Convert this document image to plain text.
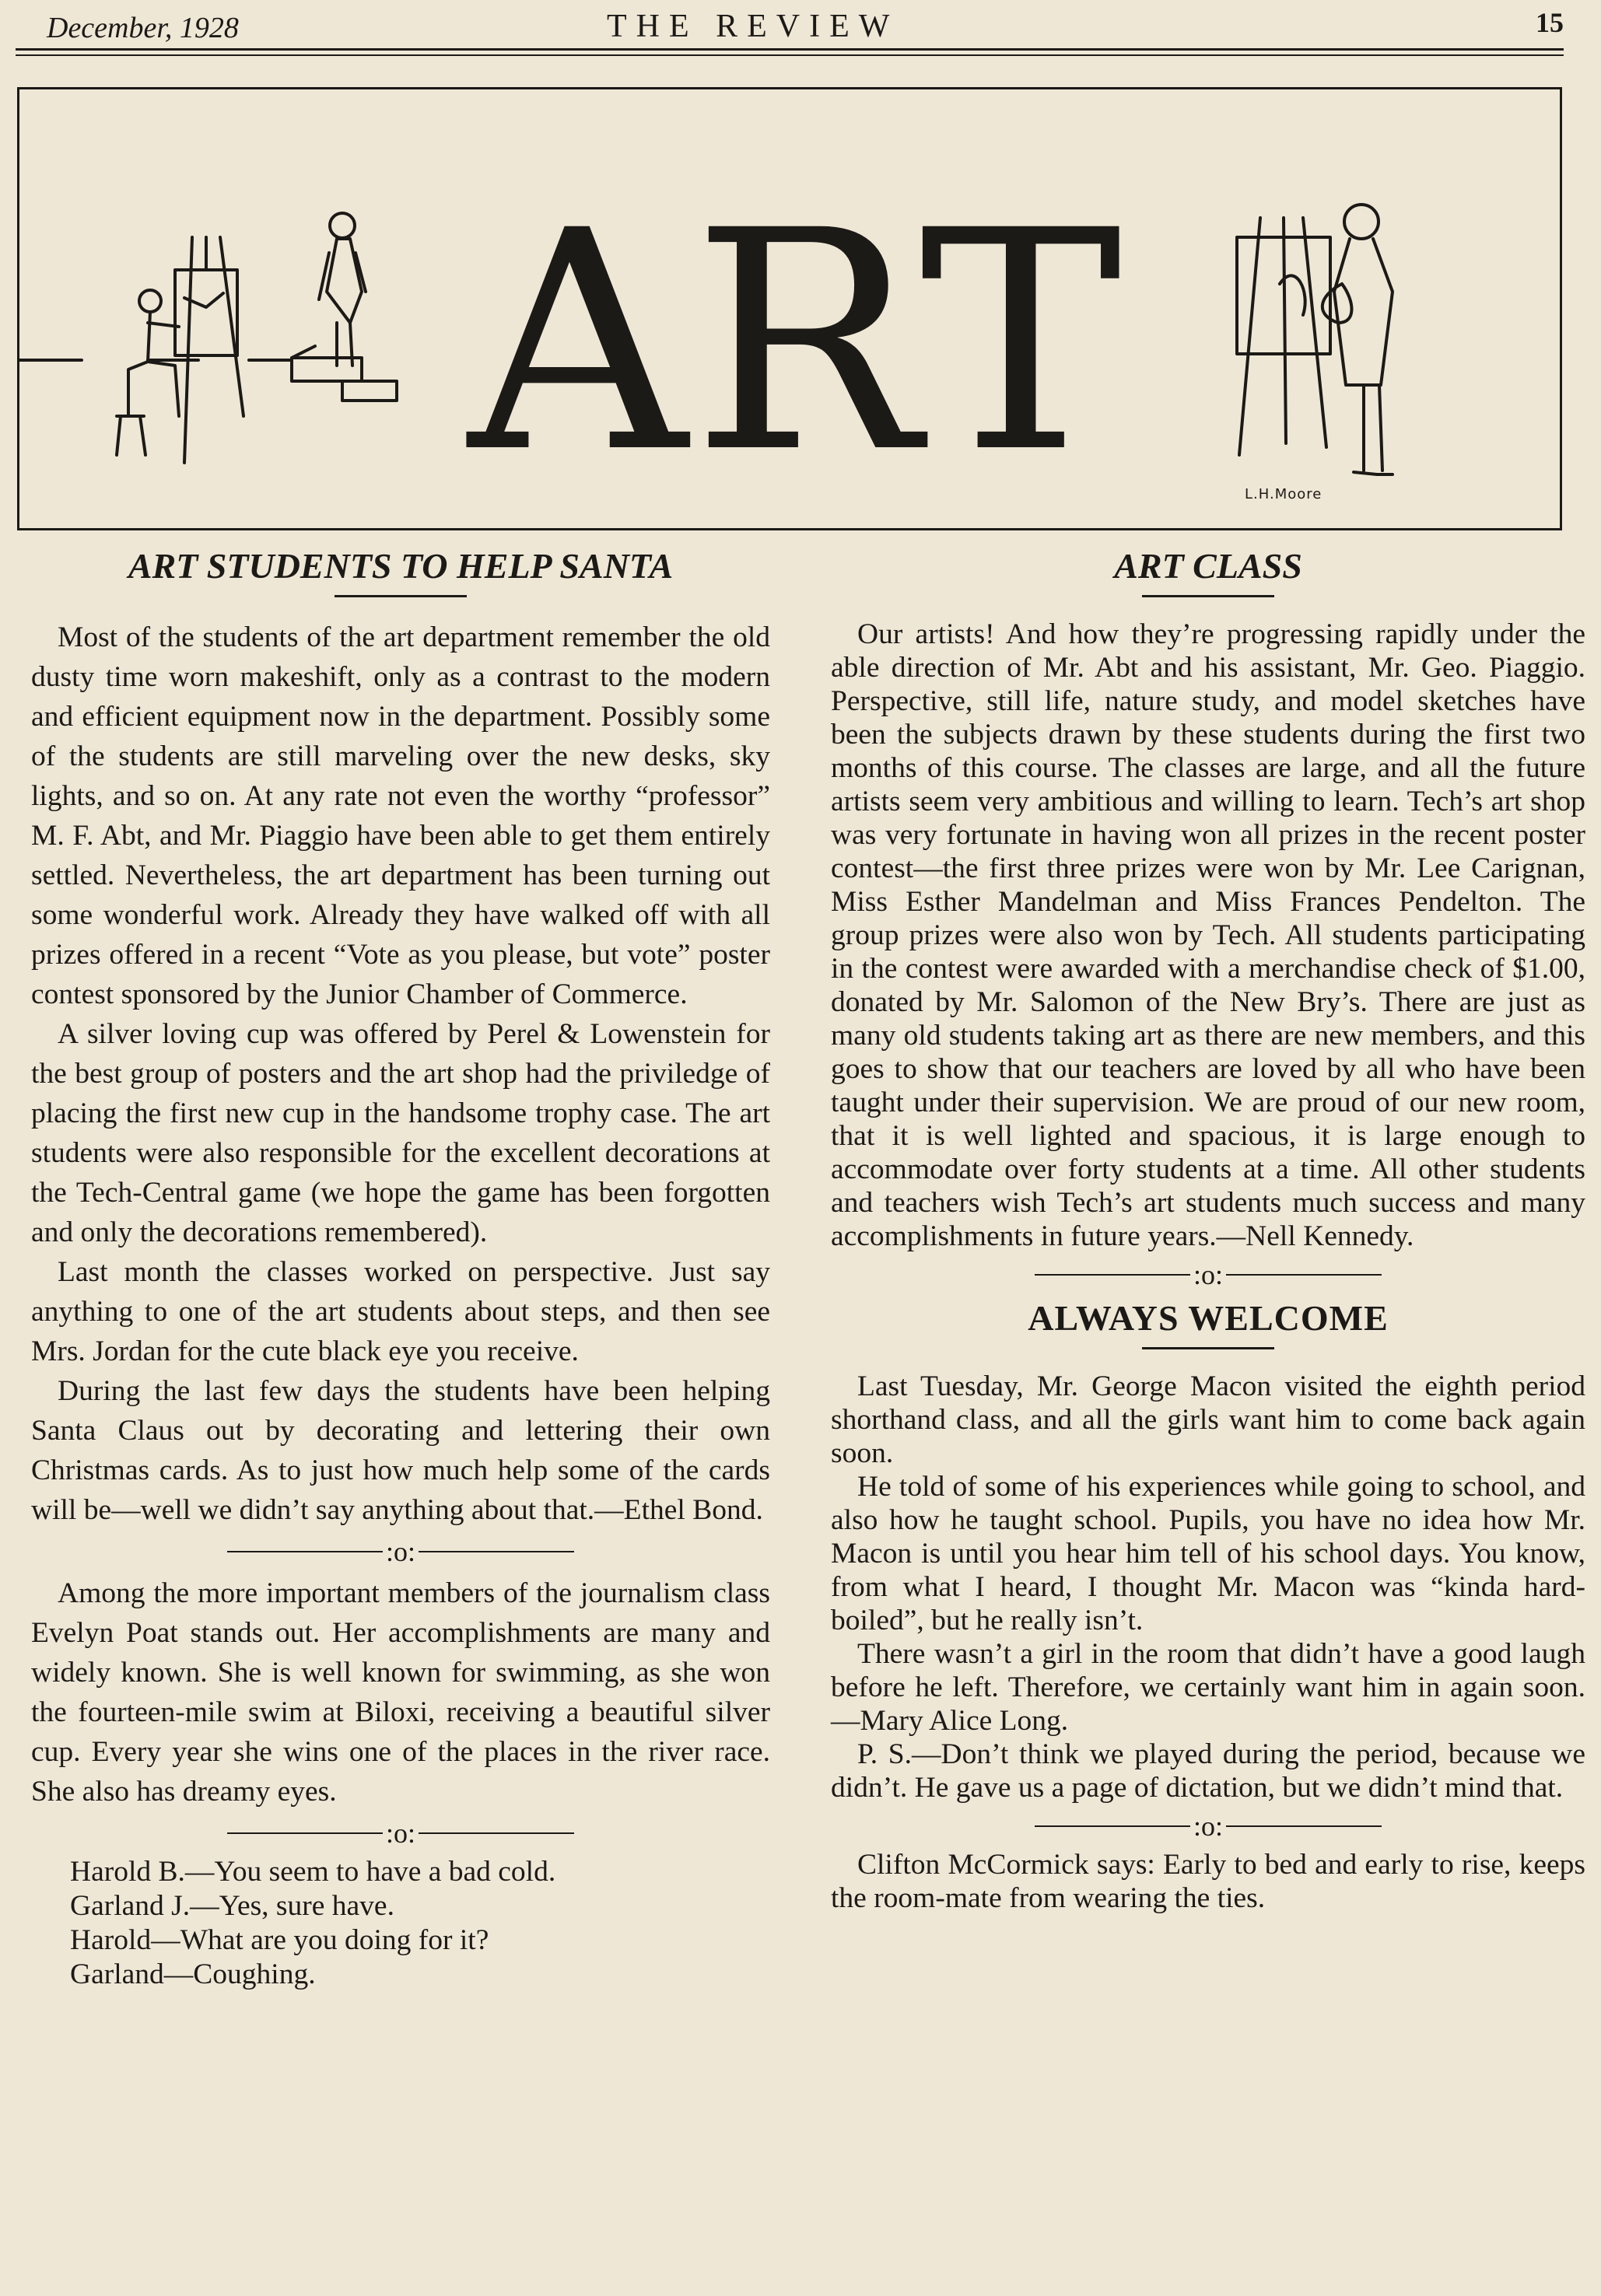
December, 1928	THE REVIEW	15
ART	L.H.Moore
ART STUDENTS TO HELP SANTA

Most of the students of the art department remember the old dusty time worn makeshift, only as a contrast to the modern and efficient equipment now in the department. Possibly some of the students are still marveling over the new desks, sky lights, and so on. At any rate not even the worthy “professor” M. F. Abt, and Mr. Piaggio have been able to get them entirely settled. Nevertheless, the art department has been turning out some wonderful work. Already they have walked off with all prizes offered in a recent “Vote as you please, but vote” poster contest sponsored by the Junior Chamber of Commerce.

A silver loving cup was offered by Perel & Lowenstein for the best group of posters and the art shop had the priviledge of placing the first new cup in the handsome trophy case. The art students were also responsible for the excellent decorations at the Tech-Central game (we hope the game has been forgotten and only the decorations remembered).

Last month the classes worked on perspective. Just say anything to one of the art students about steps, and then see Mrs. Jordan for the cute black eye you receive.

During the last few days the students have been helping Santa Claus out by decorating and lettering their own Christmas cards. As to just how much help some of the cards will be—well we didn’t say anything about that.—Ethel Bond.

:o:

Among the more important members of the journalism class Evelyn Poat stands out. Her accomplishments are many and widely known. She is well known for swimming, as she won the fourteen-mile swim at Biloxi, receiving a beautiful silver cup. Every year she wins one of the places in the river race. She also has dreamy eyes.

:o:
Harold B.—You seem to have a bad cold.
Garland J.—Yes, sure have.
Harold—What are you doing for it?
Garland—Coughing.
ART CLASS

Our artists! And how they’re progressing rapidly under the able direction of Mr. Abt and his assistant, Mr. Geo. Piaggio. Perspective, still life, nature study, and model sketches have been the subjects drawn by these students during the first two months of this course. The classes are large, and all the future artists seem very ambitious and willing to learn. Tech’s art shop was very fortunate in having won all prizes in the recent poster contest—the first three prizes were won by Mr. Lee Carignan, Miss Esther Mandelman and Miss Frances Pendelton. The group prizes were also won by Tech. All students participating in the contest were awarded with a merchandise check of $1.00, donated by Mr. Salomon of the New Bry’s. There are just as many old students taking art as there are new members, and this goes to show that our teachers are loved by all who have been taught under their supervision. We are proud of our new room, that it is well lighted and spacious, it is large enough to accommodate over forty students at a time. All other students and teachers wish Tech’s art students much success and many accomplishments in future years.—Nell Kennedy.

:o:
ALWAYS WELCOME

Last Tuesday, Mr. George Macon visited the eighth period shorthand class, and all the girls want him to come back again soon.

He told of some of his experiences while going to school, and also how he taught school. Pupils, you have no idea how Mr. Macon is until you hear him tell of his school days. You know, from what I heard, I thought Mr. Macon was “kinda hard-boiled”, but he really isn’t.

There wasn’t a girl in the room that didn’t have a good laugh before he left. Therefore, we certainly want him in again soon.—Mary Alice Long.

P. S.—Don’t think we played during the period, because we didn’t. He gave us a page of dictation, but we didn’t mind that.

:o:

Clifton McCormick says: Early to bed and early to rise, keeps the room-mate from wearing the ties.
